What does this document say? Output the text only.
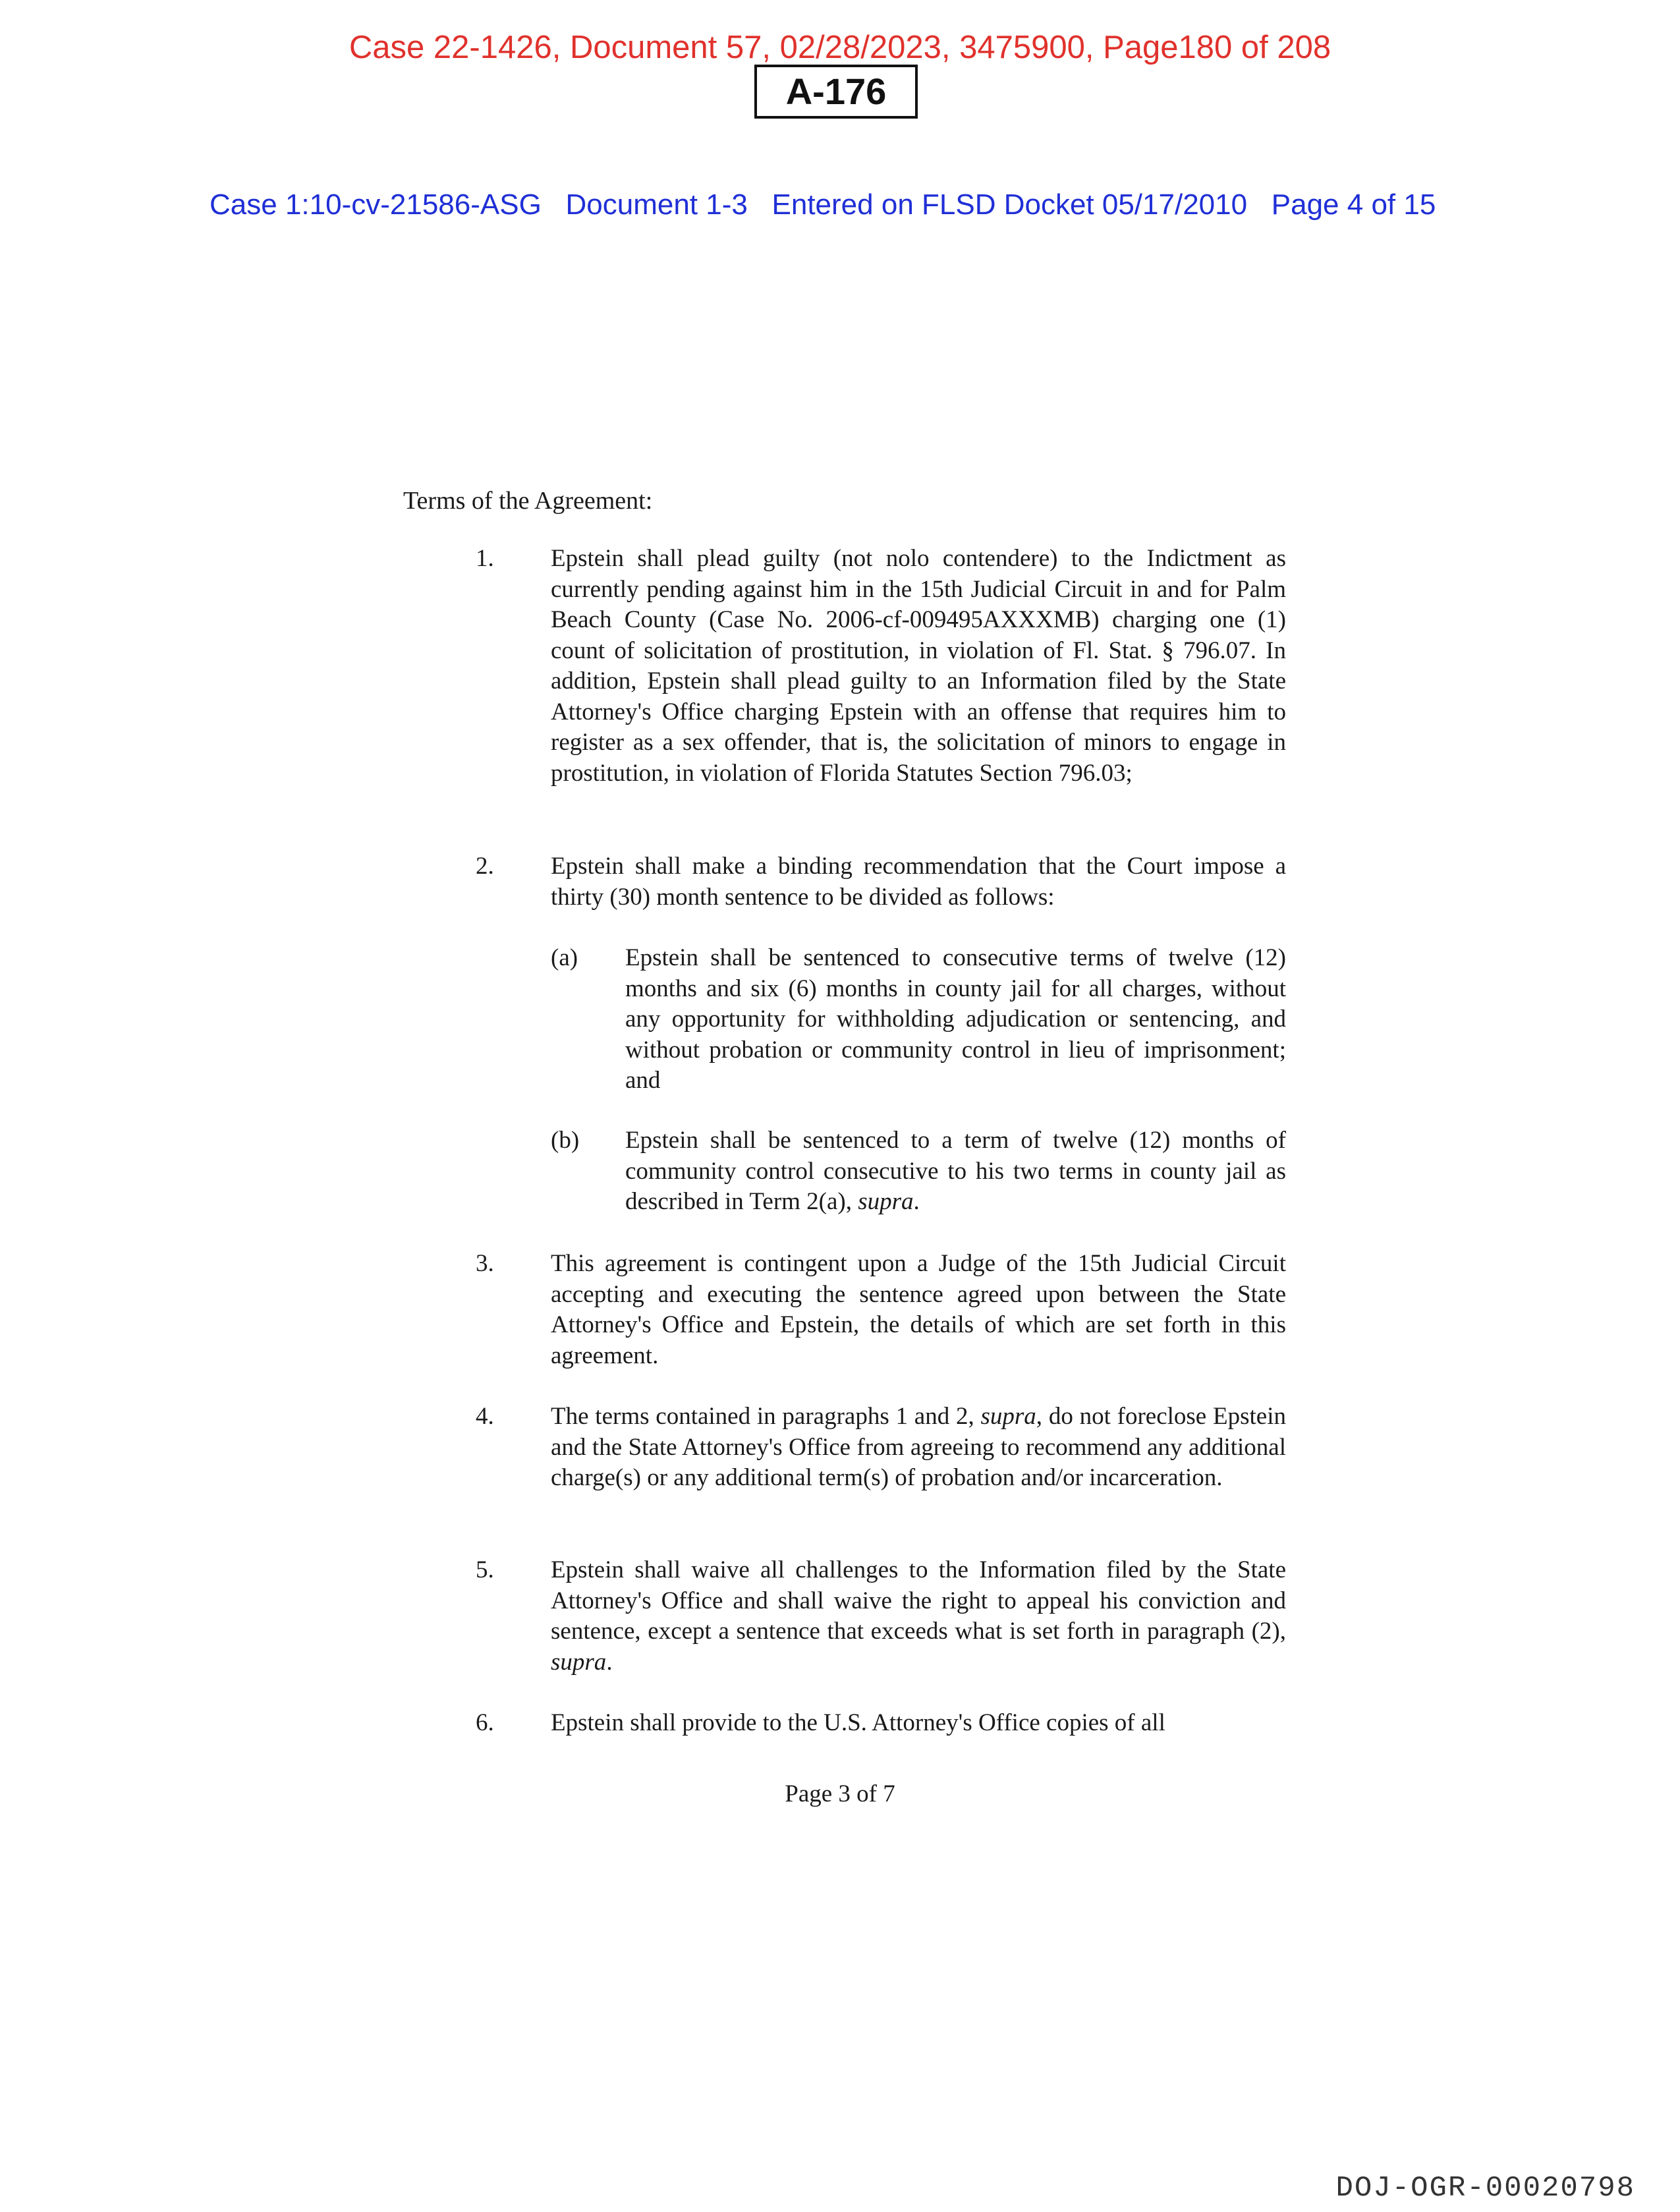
Case 22-1426, Document 57, 02/28/2023, 3475900, Page180 of 208
A-176
Case 1:10-cv-21586-ASG   Document 1-3   Entered on FLSD Docket 05/17/2010   Page 4 of 15
Terms of the Agreement:
1. Epstein shall plead guilty (not nolo contendere) to the Indictment as currently pending against him in the 15th Judicial Circuit in and for Palm Beach County (Case No. 2006-cf-009495AXXXMB) charging one (1) count of solicitation of prostitution, in violation of Fl. Stat. § 796.07. In addition, Epstein shall plead guilty to an Information filed by the State Attorney's Office charging Epstein with an offense that requires him to register as a sex offender, that is, the solicitation of minors to engage in prostitution, in violation of Florida Statutes Section 796.03;
2. Epstein shall make a binding recommendation that the Court impose a thirty (30) month sentence to be divided as follows:
(a) Epstein shall be sentenced to consecutive terms of twelve (12) months and six (6) months in county jail for all charges, without any opportunity for withholding adjudication or sentencing, and without probation or community control in lieu of imprisonment; and
(b) Epstein shall be sentenced to a term of twelve (12) months of community control consecutive to his two terms in county jail as described in Term 2(a), supra.
3. This agreement is contingent upon a Judge of the 15th Judicial Circuit accepting and executing the sentence agreed upon between the State Attorney's Office and Epstein, the details of which are set forth in this agreement.
4. The terms contained in paragraphs 1 and 2, supra, do not foreclose Epstein and the State Attorney's Office from agreeing to recommend any additional charge(s) or any additional term(s) of probation and/or incarceration.
5. Epstein shall waive all challenges to the Information filed by the State Attorney's Office and shall waive the right to appeal his conviction and sentence, except a sentence that exceeds what is set forth in paragraph (2), supra.
6. Epstein shall provide to the U.S. Attorney's Office copies of all
Page 3 of 7
DOJ-OGR-00020798
